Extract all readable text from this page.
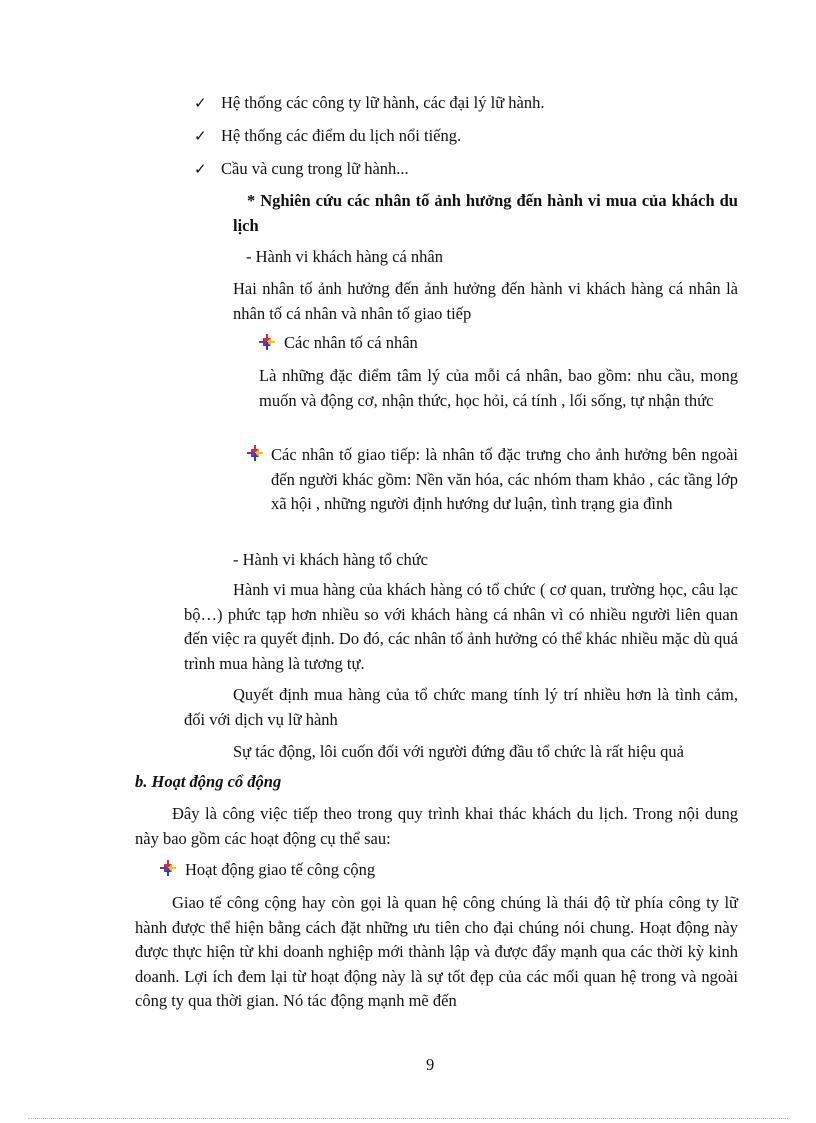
✓ Hệ thống các công ty lữ hành, các đại lý lữ hành.
✓ Hệ thống các điểm du lịch nổi tiếng.
✓ Cầu và cung trong lữ hành...

* Nghiên cứu các nhân tố ảnh hưởng đến hành vi mua của khách du lịch

- Hành vi khách hàng cá nhân

Hai nhân tố ảnh hưởng đến ảnh hưởng đến hành vi khách hàng cá nhân là nhân tố cá nhân và nhân tố giao tiếp

Các nhân tố cá nhân

Là những đặc điểm tâm lý của mỗi cá nhân, bao gồm: nhu cầu, mong muốn và động cơ, nhận thức, học hỏi, cá tính , lối sống, tự nhận thức

Các nhân tố giao tiếp: là nhân tố đặc trưng cho ảnh hưởng bên ngoài đến người khác gồm: Nền văn hóa, các nhóm tham khảo , các tầng lớp xã hội , những người định hướng dư luận, tình trạng gia đình

- Hành vi khách hàng tổ chức

Hành vi mua hàng của khách hàng có tổ chức ( cơ quan, trường học, câu lạc bộ…) phức tạp hơn nhiều so với khách hàng cá nhân vì có nhiều người liên quan đến việc ra quyết định. Do đó, các nhân tố ảnh hưởng có thể khác nhiều mặc dù quá trình mua hàng là tương tự.

Quyết định mua hàng của tổ chức mang tính lý trí nhiều hơn là tình cảm, đối với dịch vụ lữ hành

Sự tác động, lôi cuốn đối với người đứng đầu tổ chức là rất hiệu quả

b. Hoạt động cổ động

Đây là công việc tiếp theo trong quy trình khai thác khách du lịch. Trong nội dung này bao gồm các hoạt động cụ thể sau:

Hoạt động giao tế công cộng

Giao tế công cộng hay còn gọi là quan hệ công chúng là thái độ từ phía công ty lữ hành được thể hiện bằng cách đặt những ưu tiên cho đại chúng nói chung. Hoạt động này được thực hiện từ khi doanh nghiệp mới thành lập và được đẩy mạnh qua các thời kỳ kinh doanh. Lợi ích đem lại từ hoạt động này là sự tốt đẹp của các mối quan hệ trong và ngoài công ty qua thời gian. Nó tác động mạnh mẽ đến

9
